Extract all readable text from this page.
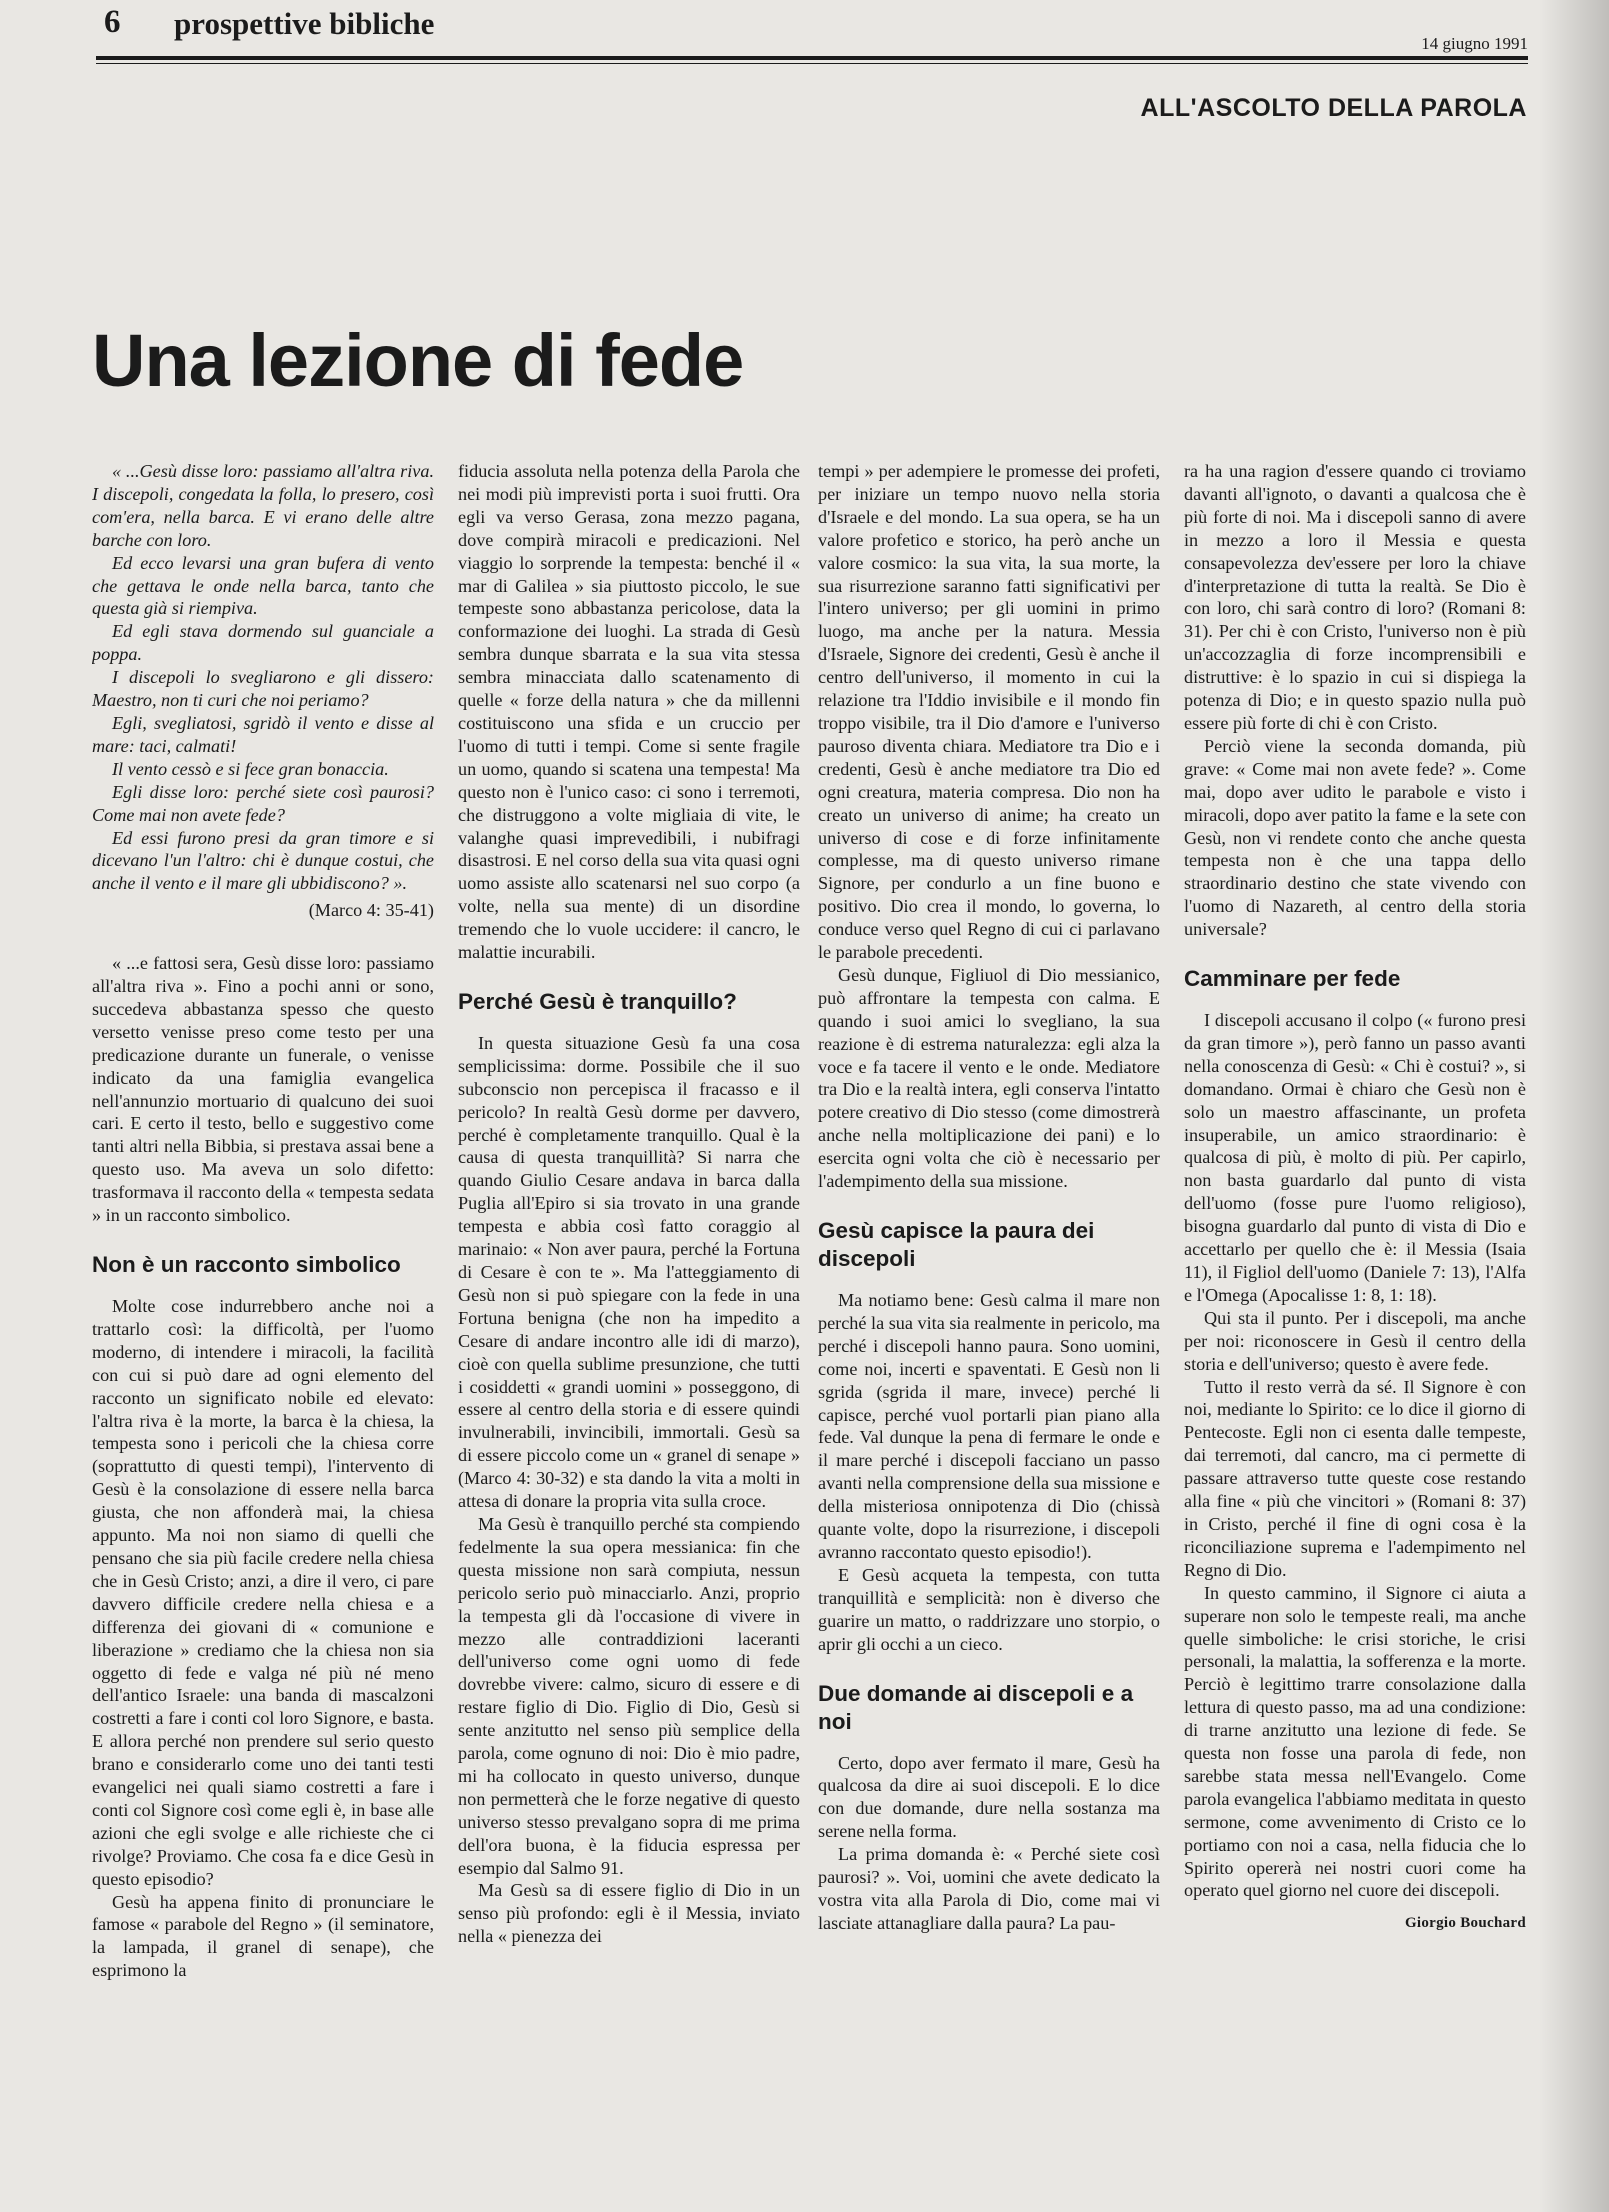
6 prospettive bibliche
14 giugno 1991
ALL'ASCOLTO DELLA PAROLA
Una lezione di fede

« ...Gesù disse loro: passiamo all'altra riva. I discepoli, congedata la folla, lo presero, così com'era, nella barca. E vi erano delle altre barche con loro.

Ed ecco levarsi una gran bufera di vento che gettava le onde nella barca, tanto che questa già si riempiva.

Ed egli stava dormendo sul guanciale a poppa.

I discepoli lo svegliarono e gli dissero: Maestro, non ti curi che noi periamo?

Egli, svegliatosi, sgridò il vento e disse al mare: taci, calmati!

Il vento cessò e si fece gran bonaccia.

Egli disse loro: perché siete così paurosi? Come mai non avete fede?

Ed essi furono presi da gran timore e si dicevano l'un l'altro: chi è dunque costui, che anche il vento e il mare gli ubbidiscono? ».

(Marco 4: 35-41)

« ...e fattosi sera, Gesù disse loro: passiamo all'altra riva ». Fino a pochi anni or sono, succedeva abbastanza spesso che questo versetto venisse preso come testo per una predicazione durante un funerale, o venisse indicato da una famiglia evangelica nell'annunzio mortuario di qualcuno dei suoi cari. E certo il testo, bello e suggestivo come tanti altri nella Bibbia, si prestava assai bene a questo uso. Ma aveva un solo difetto: trasformava il racconto della « tempesta sedata » in un racconto simbolico.

Non è un racconto simbolico

Molte cose indurrebbero anche noi a trattarlo così: la difficoltà, per l'uomo moderno, di intendere i miracoli, la facilità con cui si può dare ad ogni elemento del racconto un significato nobile ed elevato: l'altra riva è la morte, la barca è la chiesa, la tempesta sono i pericoli che la chiesa corre (soprattutto di questi tempi), l'intervento di Gesù è la consolazione di essere nella barca giusta, che non affonderà mai, la chiesa appunto. Ma noi non siamo di quelli che pensano che sia più facile credere nella chiesa che in Gesù Cristo; anzi, a dire il vero, ci pare davvero difficile credere nella chiesa e a differenza dei giovani di « comunione e liberazione » crediamo che la chiesa non sia oggetto di fede e valga né più né meno dell'antico Israele: una banda di mascalzoni costretti a fare i conti col loro Signore, e basta. E allora perché non prendere sul serio questo brano e considerarlo come uno dei tanti testi evangelici nei quali siamo costretti a fare i conti col Signore così come egli è, in base alle azioni che egli svolge e alle richieste che ci rivolge? Proviamo. Che cosa fa e dice Gesù in questo episodio?

Gesù ha appena finito di pronunciare le famose « parabole del Regno » (il seminatore, la lampada, il granel di senape), che esprimono la

fiducia assoluta nella potenza della Parola che nei modi più imprevisti porta i suoi frutti. Ora egli va verso Gerasa, zona mezzo pagana, dove compirà miracoli e predicazioni. Nel viaggio lo sorprende la tempesta: benché il « mar di Galilea » sia piuttosto piccolo, le sue tempeste sono abbastanza pericolose, data la conformazione dei luoghi. La strada di Gesù sembra dunque sbarrata e la sua vita stessa sembra minacciata dallo scatenamento di quelle « forze della natura » che da millenni costituiscono una sfida e un cruccio per l'uomo di tutti i tempi. Come si sente fragile un uomo, quando si scatena una tempesta! Ma questo non è l'unico caso: ci sono i terremoti, che distruggono a volte migliaia di vite, le valanghe quasi imprevedibili, i nubifragi disastrosi. E nel corso della sua vita quasi ogni uomo assiste allo scatenarsi nel suo corpo (a volte, nella sua mente) di un disordine tremendo che lo vuole uccidere: il cancro, le malattie incurabili.

Perché Gesù è tranquillo?

In questa situazione Gesù fa una cosa semplicissima: dorme. Possibile che il suo subconscio non percepisca il fracasso e il pericolo? In realtà Gesù dorme per davvero, perché è completamente tranquillo. Qual è la causa di questa tranquillità? Si narra che quando Giulio Cesare andava in barca dalla Puglia all'Epiro si sia trovato in una grande tempesta e abbia così fatto coraggio al marinaio: « Non aver paura, perché la Fortuna di Cesare è con te ». Ma l'atteggiamento di Gesù non si può spiegare con la fede in una Fortuna benigna (che non ha impedito a Cesare di andare incontro alle idi di marzo), cioè con quella sublime presunzione, che tutti i cosiddetti « grandi uomini » posseggono, di essere al centro della storia e di essere quindi invulnerabili, invincibili, immortali. Gesù sa di essere piccolo come un « granel di senape » (Marco 4: 30-32) e sta dando la vita a molti in attesa di donare la propria vita sulla croce.

Ma Gesù è tranquillo perché sta compiendo fedelmente la sua opera messianica: fin che questa missione non sarà compiuta, nessun pericolo serio può minacciarlo. Anzi, proprio la tempesta gli dà l'occasione di vivere in mezzo alle contraddizioni laceranti dell'universo come ogni uomo di fede dovrebbe vivere: calmo, sicuro di essere e di restare figlio di Dio. Figlio di Dio, Gesù si sente anzitutto nel senso più semplice della parola, come ognuno di noi: Dio è mio padre, mi ha collocato in questo universo, dunque non permetterà che le forze negative di questo universo stesso prevalgano sopra di me prima dell'ora buona, è la fiducia espressa per esempio dal Salmo 91.

Ma Gesù sa di essere figlio di Dio in un senso più profondo: egli è il Messia, inviato nella « pienezza dei

tempi » per adempiere le promesse dei profeti, per iniziare un tempo nuovo nella storia d'Israele e del mondo. La sua opera, se ha un valore profetico e storico, ha però anche un valore cosmico: la sua vita, la sua morte, la sua risurrezione saranno fatti significativi per l'intero universo; per gli uomini in primo luogo, ma anche per la natura. Messia d'Israele, Signore dei credenti, Gesù è anche il centro dell'universo, il momento in cui la relazione tra l'Iddio invisibile e il mondo fin troppo visibile, tra il Dio d'amore e l'universo pauroso diventa chiara. Mediatore tra Dio e i credenti, Gesù è anche mediatore tra Dio ed ogni creatura, materia compresa. Dio non ha creato un universo di anime; ha creato un universo di cose e di forze infinitamente complesse, ma di questo universo rimane Signore, per condurlo a un fine buono e positivo. Dio crea il mondo, lo governa, lo conduce verso quel Regno di cui ci parlavano le parabole precedenti.

Gesù dunque, Figliuol di Dio messianico, può affrontare la tempesta con calma. E quando i suoi amici lo svegliano, la sua reazione è di estrema naturalezza: egli alza la voce e fa tacere il vento e le onde. Mediatore tra Dio e la realtà intera, egli conserva l'intatto potere creativo di Dio stesso (come dimostrerà anche nella moltiplicazione dei pani) e lo esercita ogni volta che ciò è necessario per l'adempimento della sua missione.

Gesù capisce la paura dei discepoli

Ma notiamo bene: Gesù calma il mare non perché la sua vita sia realmente in pericolo, ma perché i discepoli hanno paura. Sono uomini, come noi, incerti e spaventati. E Gesù non li sgrida (sgrida il mare, invece) perché li capisce, perché vuol portarli pian piano alla fede. Val dunque la pena di fermare le onde e il mare perché i discepoli facciano un passo avanti nella comprensione della sua missione e della misteriosa onnipotenza di Dio (chissà quante volte, dopo la risurrezione, i discepoli avranno raccontato questo episodio!).

E Gesù acqueta la tempesta, con tutta tranquillità e semplicità: non è diverso che guarire un matto, o raddrizzare uno storpio, o aprir gli occhi a un cieco.

Due domande ai discepoli e a noi

Certo, dopo aver fermato il mare, Gesù ha qualcosa da dire ai suoi discepoli. E lo dice con due domande, dure nella sostanza ma serene nella forma.

La prima domanda è: « Perché siete così paurosi? ». Voi, uomini che avete dedicato la vostra vita alla Parola di Dio, come mai vi lasciate attanagliare dalla paura? La pau-

ra ha una ragion d'essere quando ci troviamo davanti all'ignoto, o davanti a qualcosa che è più forte di noi. Ma i discepoli sanno di avere in mezzo a loro il Messia e questa consapevolezza dev'essere per loro la chiave d'interpretazione di tutta la realtà. Se Dio è con loro, chi sarà contro di loro? (Romani 8: 31). Per chi è con Cristo, l'universo non è più un'accozzaglia di forze incomprensibili e distruttive: è lo spazio in cui si dispiega la potenza di Dio; e in questo spazio nulla può essere più forte di chi è con Cristo.

Perciò viene la seconda domanda, più grave: « Come mai non avete fede? ». Come mai, dopo aver udito le parabole e visto i miracoli, dopo aver patito la fame e la sete con Gesù, non vi rendete conto che anche questa tempesta non è che una tappa dello straordinario destino che state vivendo con l'uomo di Nazareth, al centro della storia universale?

Camminare per fede

I discepoli accusano il colpo (« furono presi da gran timore »), però fanno un passo avanti nella conoscenza di Gesù: « Chi è costui? », si domandano. Ormai è chiaro che Gesù non è solo un maestro affascinante, un profeta insuperabile, un amico straordinario: è qualcosa di più, è molto di più. Per capirlo, non basta guardarlo dal punto di vista dell'uomo (fosse pure l'uomo religioso), bisogna guardarlo dal punto di vista di Dio e accettarlo per quello che è: il Messia (Isaia 11), il Figliol dell'uomo (Daniele 7: 13), l'Alfa e l'Omega (Apocalisse 1: 8, 1: 18).

Qui sta il punto. Per i discepoli, ma anche per noi: riconoscere in Gesù il centro della storia e dell'universo; questo è avere fede.

Tutto il resto verrà da sé. Il Signore è con noi, mediante lo Spirito: ce lo dice il giorno di Pentecoste. Egli non ci esenta dalle tempeste, dai terremoti, dal cancro, ma ci permette di passare attraverso tutte queste cose restando alla fine « più che vincitori » (Romani 8: 37) in Cristo, perché il fine di ogni cosa è la riconciliazione suprema e l'adempimento nel Regno di Dio.

In questo cammino, il Signore ci aiuta a superare non solo le tempeste reali, ma anche quelle simboliche: le crisi storiche, le crisi personali, la malattia, la sofferenza e la morte. Perciò è legittimo trarre consolazione dalla lettura di questo passo, ma ad una condizione: di trarne anzitutto una lezione di fede. Se questa non fosse una parola di fede, non sarebbe stata messa nell'Evangelo. Come parola evangelica l'abbiamo meditata in questo sermone, come avvenimento di Cristo ce lo portiamo con noi a casa, nella fiducia che lo Spirito opererà nei nostri cuori come ha operato quel giorno nel cuore dei discepoli.

Giorgio Bouchard
